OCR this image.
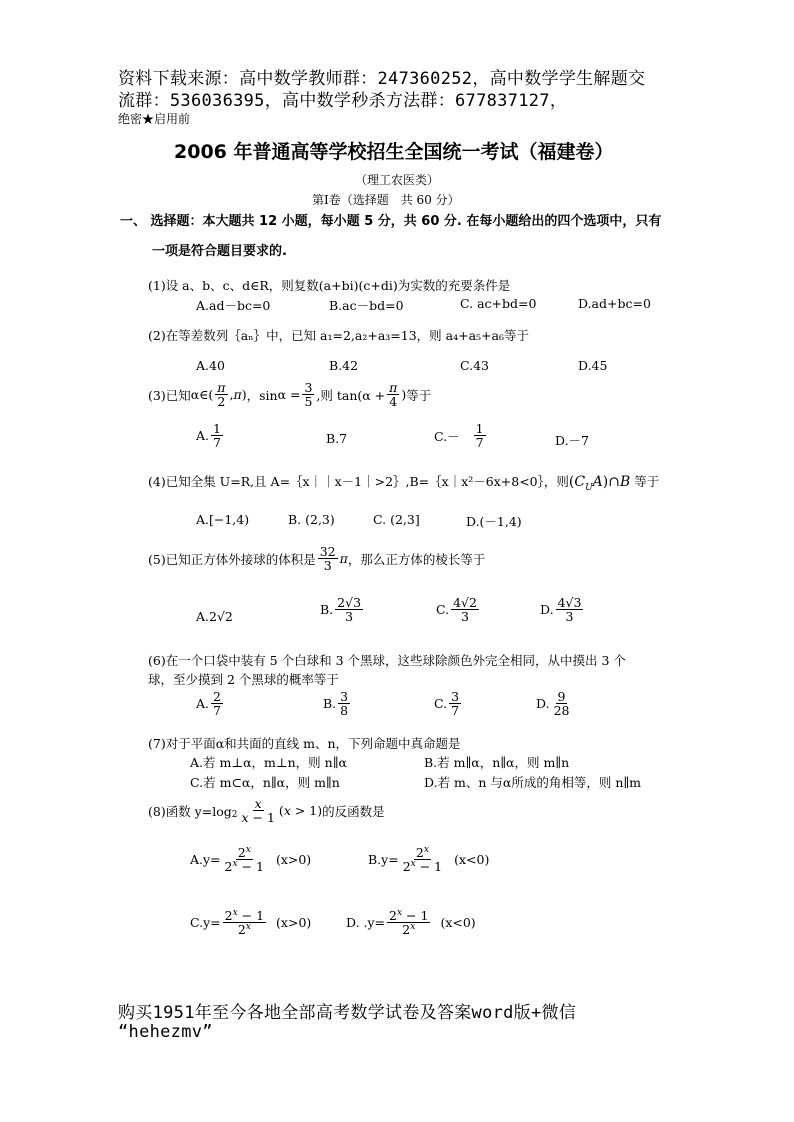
资料下载来源：高中数学教师群：247360252，高中数学学生解题交
流群：536036395，高中数学秒杀方法群：677837127，
绝密★启用前
2006 年普通高等学校招生全国统一考试（福建卷）
（理工农医类）
第Ⅰ卷（选择题　共 60 分）
一、 选择题：本大题共 12 小题，每小题 5 分，共 60 分. 在每小题给出的四个选项中，只有
一项是符合题目要求的.
(1)设 a、b、c、d∈R，则复数(a+bi)(c+di)为实数的充要条件是
A.ad－bc=0	B.ac－bd=0	C. ac+bd=0	D.ad+bc=0
(2)在等差数列｛aₙ｝中，已知 a₁=2,a₂+a₃=13，则 a₄+a₅+a₆等于
A.40	B.42	C.43	D.45
(3)已知 α∈( $\frac{\pi}{2} ,\pi$) ，$\sin \alpha = \frac{3}{5}$ ,则 $\tan(\alpha + \frac{\pi}{4}$ ) 等于
A. $\frac{1}{7}$	B.7	$C.- \frac{1}{7}$	D.－7
(4)已知全集 U=R,且 A=｛x｜｜x－1｜>2｝,B=｛x｜x²－6x+8<0｝，则$(C_UA)\cap B$ 等于
A.[−1,4)	B. (2,3)	C. (2,3]	D.(－1,4)
(5)已知正方体外接球的体积是 $\frac{32}{3}$ π ，那么正方体的棱长等于
A.2√2	B. $\frac{2√3}{3}$	C. $\frac{4√2}{3}$	D. $\frac{4√3}{3}$
(6)在一个口袋中装有 5 个白球和 3 个黑球，这些球除颜色外完全相同，从中摸出 3 个
球，至少摸到 2 个黑球的概率等于
A. $\frac{2}{7}$	B. $\frac{3}{8}$	C. $\frac{3}{7}$	D. $\frac{9}{28}$
(7)对于平面α和共面的直线 m、n，下列命题中真命题是
A.若 m⊥α，m⊥n，则 n∥α	B.若 m∥α，n∥α，则 m∥n
C.若 m⊂α，n∥α，则 m∥n	D.若 m、n 与α所成的角相等，则 n∥m
(8)函数 $y=\log_2 \frac{x}{x - 1} (x > 1)$ 的反函数是
$A.y= \frac{2^x}{2^x - 1} (x>0)$	$B.y= \frac{2^x}{2^x - 1} (x<0)$
$C.y= \frac{2^x - 1}{2^x} (x>0)$	D. $.y= \frac{2^x - 1}{2^x} (x<0)$
购买1951年至今各地全部高考数学试卷及答案word版+微信
“hehezmv”
